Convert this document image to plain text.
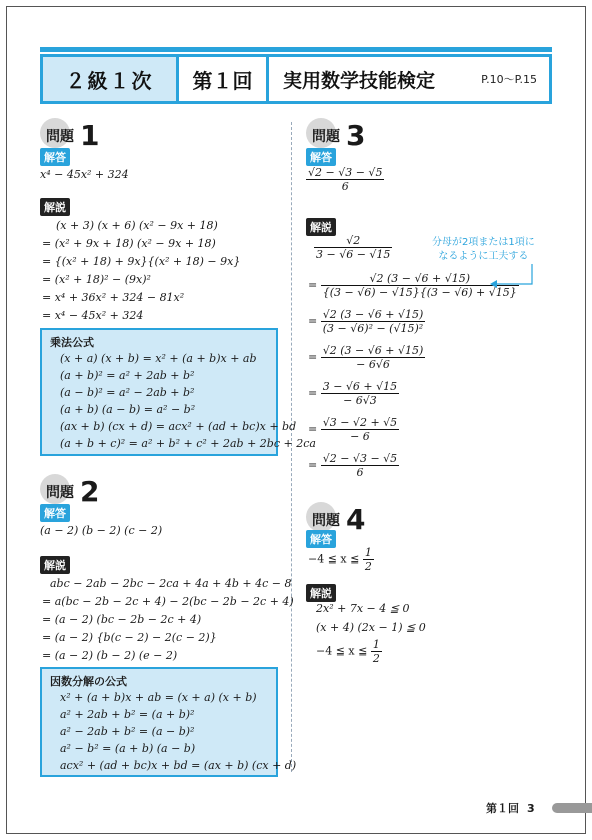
２級１次	第１回	実用数学技能検定	P.10〜P.15
問題 1
解答
x⁴ − 45x² + 324
解説
(x + 3) (x + 6) (x² − 9x + 18)
= (x² + 9x + 18) (x² − 9x + 18)
= {(x² + 18) + 9x}{(x² + 18) − 9x}
= (x² + 18)² − (9x)²
= x⁴ + 36x² + 324 − 81x²
= x⁴ − 45x² + 324
乗法公式
(x + a) (x + b) = x² + (a + b)x + ab
(a + b)² = a² + 2ab + b²
(a − b)² = a² − 2ab + b²
(a + b) (a − b) = a² − b²
(ax + b) (cx + d) = acx² + (ad + bc)x + bd
(a + b + c)² = a² + b² + c² + 2ab + 2bc + 2ca
問題 2
解答
(a − 2) (b − 2) (c − 2)
解説
abc − 2ab − 2bc − 2ca + 4a + 4b + 4c − 8
= a(bc − 2b − 2c + 4) − 2(bc − 2b − 2c + 4)
= (a − 2) (bc − 2b − 2c + 4)
= (a − 2) {b(c − 2) − 2(c − 2)}
= (a − 2) (b − 2) (e − 2)
因数分解の公式
x² + (a + b)x + ab = (x + a) (x + b)
a² + 2ab + b² = (a + b)²
a² − 2ab + b² = (a − b)²
a² − b² = (a + b) (a − b)
acx² + (ad + bc)x + bd = (ax + b) (cx + d)
問題 3
解答
$\frac{√2 - √3 - √5}{6}$
解説
$\frac{√2}{3 - √6 - √15}$
= $\frac{√2 (3 - √6 + √15)}{\{(3 - √6) - √15\}\{(3 - √6) + √15\}}$
= $\frac{√2 (3 - √6 + √15)}{\text{(3 − √6)² − (√15)²}}$
= $\frac{√2 (3 - √6 + √15)}{- 6√6}$
= $\frac{3 - √6 + √15}{- 6√3}$
= $\frac{√3 - √2 + √5}{- 6}$
= $\frac{√2 - √3 - √5}{6}$
分母が2項または1項に
なるように工夫する
問題 4
解答
−4 ≦ x ≦ $\frac{1}{2}$
解説
2x² + 7x − 4 ≦ 0
(x + 4) (2x − 1) ≦ 0
−4 ≦ x ≦ $\frac{1}{2}$
第１回 3
